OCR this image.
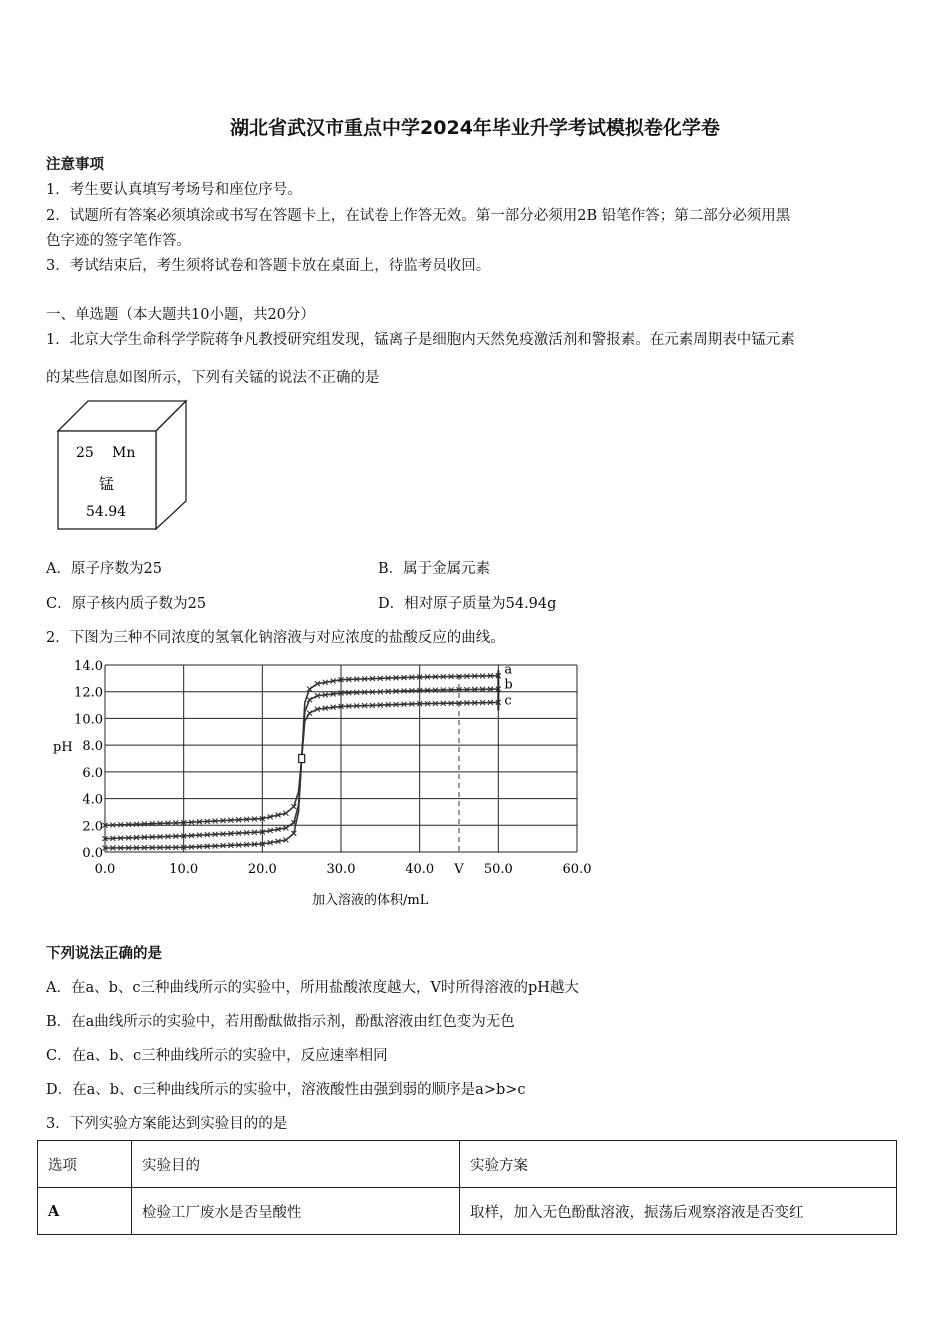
湖北省武汉市重点中学2024年毕业升学考试模拟卷化学卷
注意事项
1．考生要认真填写考场号和座位序号。
2．试题所有答案必须填涂或书写在答题卡上，在试卷上作答无效。第一部分必须用2B 铅笔作答；第二部分必须用黑
色字迹的签字笔作答。
3．考试结束后，考生须将试卷和答题卡放在桌面上，待监考员收回。
一、单选题（本大题共10小题，共20分）
1．北京大学生命科学学院蒋争凡教授研究组发现，锰离子是细胞内天然免疫激活剂和警报素。在元素周期表中锰元素
的某些信息如图所示，下列有关锰的说法不正确的是
25 Mn
锰
54.94
A．原子序数为25	B．属于金属元素
C．原子核内质子数为25	D．相对原子质量为54.94g
2．下图为三种不同浓度的氢氧化钠溶液与对应浓度的盐酸反应的曲线。
0.0
2.0
4.0
6.0
8.0
10.0
12.0
14.0
0.0	10.0	20.0	30.0	40.0 V 50.0	60.0
a
b
c
pH
加入溶液的体积/mL
下列说法正确的是
A．在a、b、c三种曲线所示的实验中，所用盐酸浓度越大，V时所得溶液的pH越大
B．在a曲线所示的实验中，若用酚酞做指示剂，酚酞溶液由红色变为无色
C．在a、b、c三种曲线所示的实验中，反应速率相同
D．在a、b、c三种曲线所示的实验中，溶液酸性由强到弱的顺序是a>b>c
3．下列实验方案能达到实验目的的是
选项	实验目的	实验方案
A	检验工厂废水是否呈酸性	取样，加入无色酚酞溶液，振荡后观察溶液是否变红
